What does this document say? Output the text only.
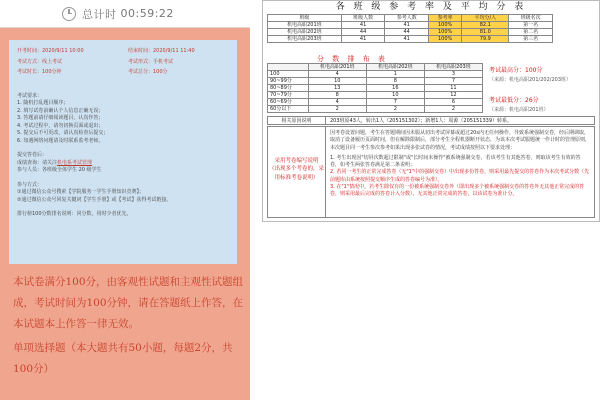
总计时 00:59:22
开考时间：2020/9/11 10:00	结束时间：2020/9/11 11:40
考试方式：线上考试	考试形式：手机考试
考试时长：100分钟	考试总分：100分
考试要求：
1. 随机打乱题目顺序；
2. 填写试卷前确认个人信息正确无误；
3. 答题前请仔细阅读题目，认真作答；
4. 考试过程中，请勿切换页面或退出；
5. 提交后不可更改，请认真检查后提交；
6. 如遇网络问题请及时联系监考老师。
提交答卷后：
成绩查询：请关注机电系考试管理
参与人员：各班级全体学生 20 级学生
参与方式：
①通过微信公众号搜索【学院服务一学生手册知识竞赛】；
②通过微信公众号回复关键词【学生手册】或【考试】获得考试链接。
排行榜100分数排名说明：同分数，用时少者优先。
本试卷满分100分，由客观性试题和主观性试题组成，考试时间为100分钟，请在答题纸上作答，在本试题本上作答一律无效。
单项选择题（本大题共有50小题，每题2分，共100分）
各 班 级 参 考 率 及 平 均 分 表
班级	班级人数	参考人数	参考率	平均分/人	班级名次
机电高职201班	41	41	100%	82.1	第一名
机电高职202班	44	44	100%	81.0	第二名
机电高职203班	41	41	100%	79.9	第三名
分 数 排 布 表
	机电高职201班	机电高职202班	机电高职203班
100	4	1	3
90~99分	10	8	7
80~89分	13	16	11
70~79分	8	10	12
60~69分	4	7	6
60分以下	2	2	2
考试最高分：100分
（来源：机电高职201/202/203班）
考试最低分：26分
（来源：机电高职201班）
相关原因说明	203班原43人，转出1人（205151302）；新增1人：周源（205151339）转系。
采用考卷编写说明
（出现多个考卷的，采用标准考卷说明）

因考卷设置问题，考生在答题期间因未服从切出考试屏幕或超过20s内无任何操作，导致系统强制交卷，经后期调取，取消了设备履历页面时间，但在解除限制后，部分考生全程机器断开状态，为该本次考试服题统一作计时的管理原则，本次题目同一考生参次参考如果出现多张试卷的情况，考试成绩按照以下要求处理：

1. 考生出现因"切屏次数超过限制"或"长时间未操作"被系统强制交卷，若该考生有其他答卷，则取该考生有效的答卷，如考生两张答卷满足第二条说明；

2. 若同一考生的正常完成答卷（无"1"中的强制交卷）中出现多份答卷，则采用最先提交的答卷作为本次考试分数（先前题库由系统按照提交顺序生成的答卷编号为准）。

3. 在"1"情况中，若考生除仅有的一份被系统强制交卷外（即出现多个被系统强制交卷的答卷外无其他正常完成的答卷，则采用最后完成的答卷计入分数），无其他正常完成的答卷，以该试卷为准计分。
